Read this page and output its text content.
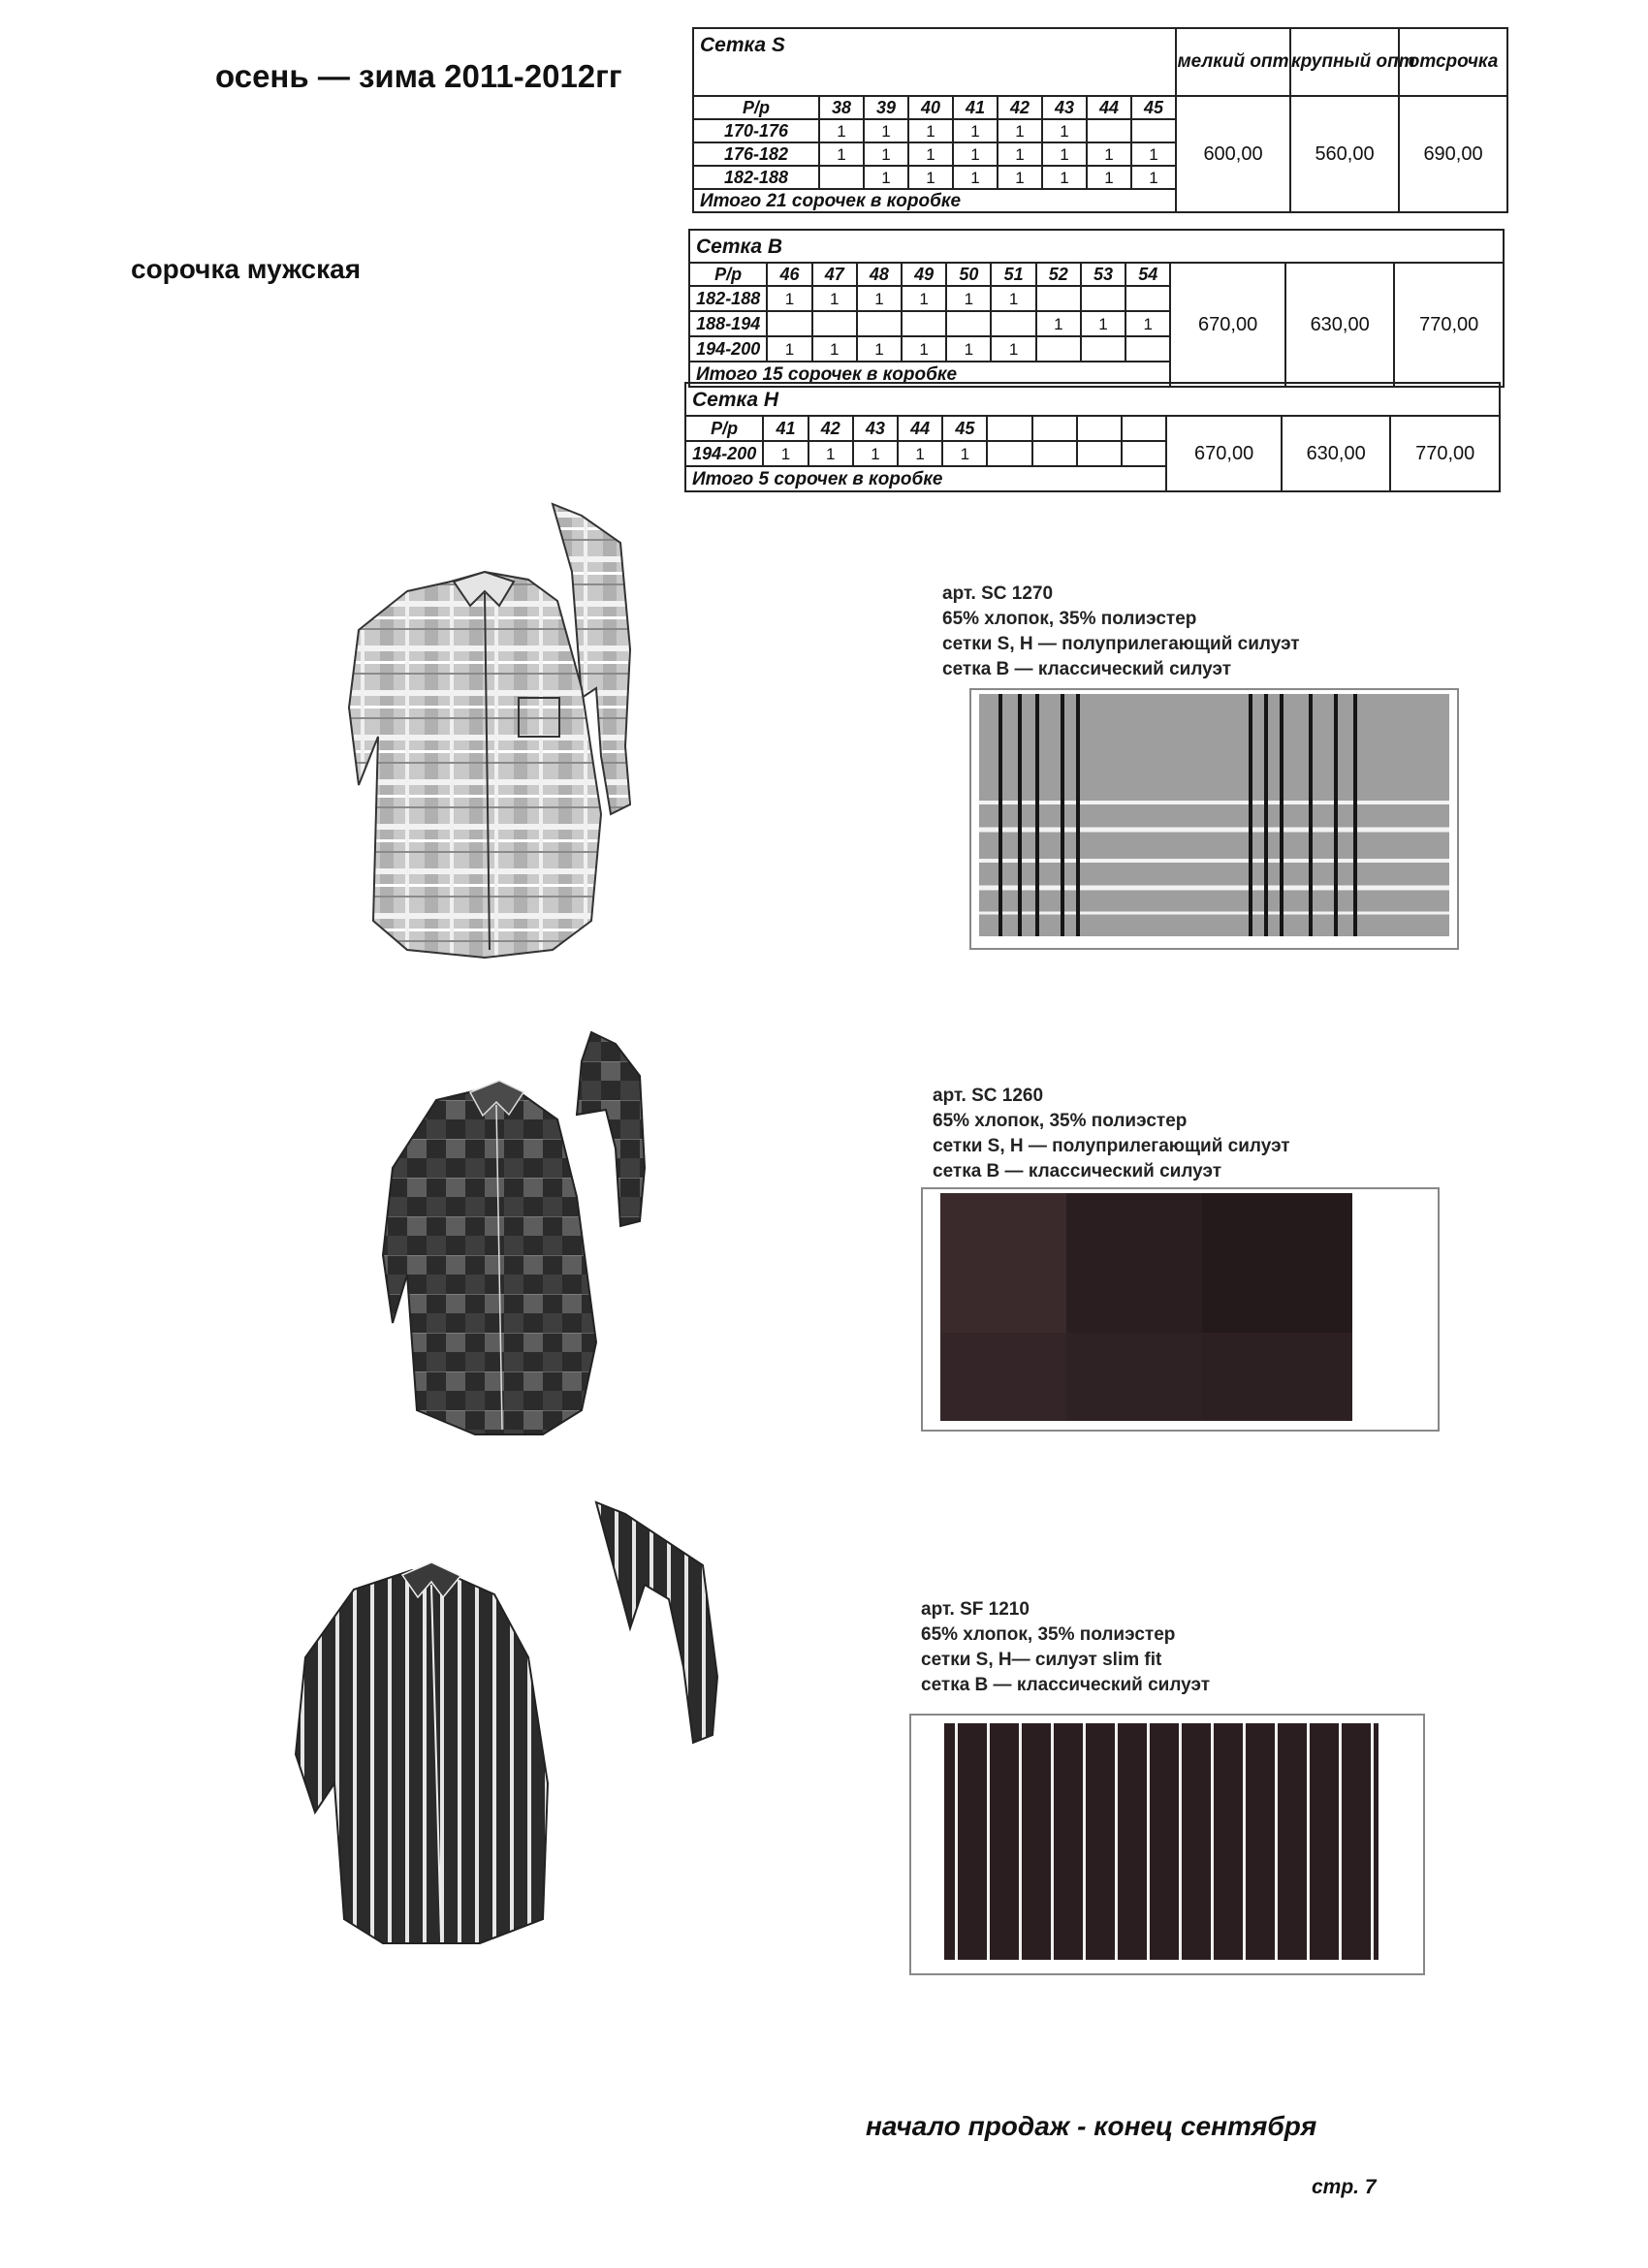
осень — зима 2011-2012гг
сорочка мужская
Сетка S									мелкий опт	крупный опт	отсрочка
Р/р	38	39	40	41	42	43	44	45	600,00	560,00	690,00
170-176	1	1	1	1	1	1					
176-182	1	1	1	1	1	1	1	1			
182-188		1	1	1	1	1	1	1			
Итого 21 сорочек в коробке											
Сетка В												
Р/р	46	47	48	49	50	51	52	53	54	670,00	630,00	770,00
182-188	1	1	1	1	1	1						
188-194							1	1	1			
194-200	1	1	1	1	1	1						
Итого 15 сорочек в коробке												
Сетка Н												
Р/р	41	42	43	44	45					670,00	630,00	770,00
194-200	1	1	1	1	1							
Итого 5 сорочек в коробке												
арт. SC 1270
65% хлопок, 35% полиэстер
сетки S, H — полуприлегающий силуэт
сетка В — классический силуэт
арт. SC 1260
65% хлопок, 35% полиэстер
сетки S, H — полуприлегающий силуэт
сетка В — классический силуэт
арт. SF 1210
65% хлопок, 35% полиэстер
сетки S, H— силуэт slim fit
сетка В — классический силуэт
начало продаж - конец сентября
стр. 7
